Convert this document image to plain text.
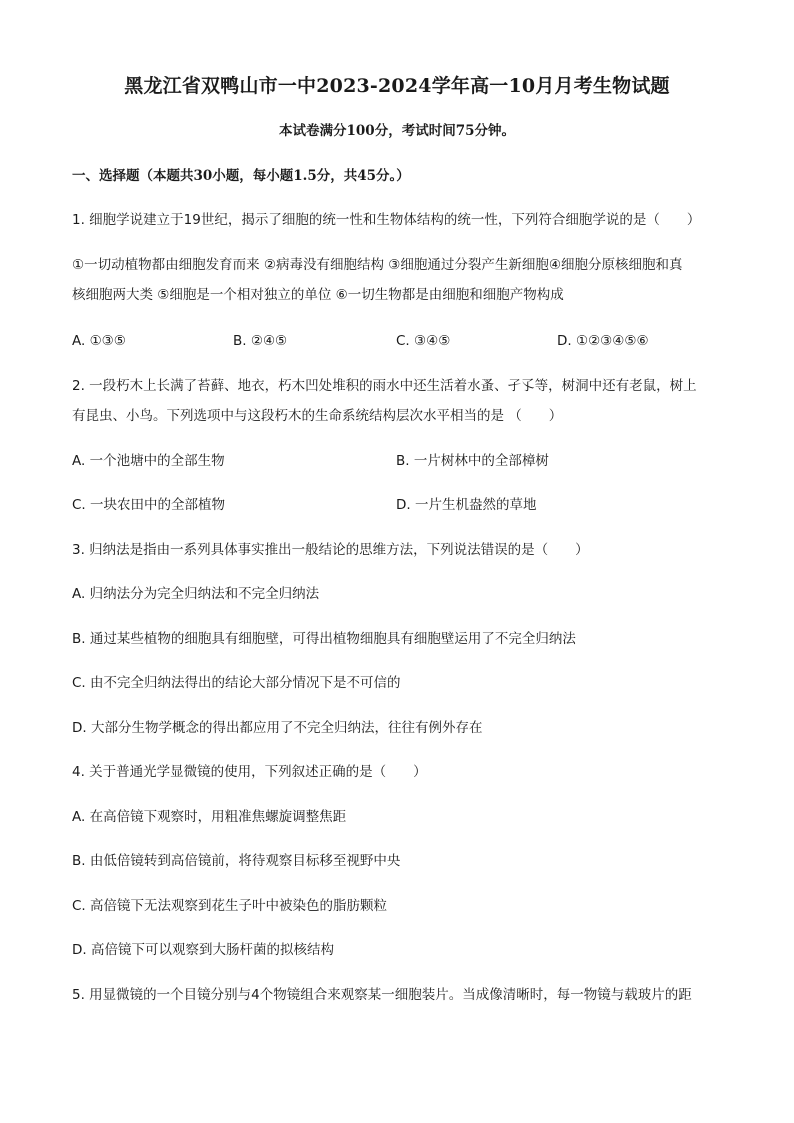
黑龙江省双鸭山市一中2023-2024学年高一10月月考生物试题
本试卷满分100分，考试时间75分钟。
一、选择题（本题共30小题，每小题1.5分，共45分。）
1. 细胞学说建立于19世纪，揭示了细胞的统一性和生物体结构的统一性，下列符合细胞学说的是（　　）
①一切动植物都由细胞发育而来 ②病毒没有细胞结构 ③细胞通过分裂产生新细胞④细胞分原核细胞和真
核细胞两大类 ⑤细胞是一个相对独立的单位 ⑥一切生物都是由细胞和细胞产物构成
A. ①③⑤	B. ②④⑤	C. ③④⑤	D. ①②③④⑤⑥
2. 一段朽木上长满了苔藓、地衣，朽木凹处堆积的雨水中还生活着水蚤、孑孓等，树洞中还有老鼠，树上
有昆虫、小鸟。下列选项中与这段朽木的生命系统结构层次水平相当的是 （　　）
A. 一个池塘中的全部生物	B. 一片树林中的全部樟树
C. 一块农田中的全部植物	D. 一片生机盎然的草地
3. 归纳法是指由一系列具体事实推出一般结论的思维方法，下列说法错误的是（　　）
A. 归纳法分为完全归纳法和不完全归纳法
B. 通过某些植物的细胞具有细胞壁，可得出植物细胞具有细胞壁运用了不完全归纳法
C. 由不完全归纳法得出的结论大部分情况下是不可信的
D. 大部分生物学概念的得出都应用了不完全归纳法，往往有例外存在
4. 关于普通光学显微镜的使用，下列叙述正确的是（　　）
A. 在高倍镜下观察时，用粗准焦螺旋调整焦距
B. 由低倍镜转到高倍镜前，将待观察目标移至视野中央
C. 高倍镜下无法观察到花生子叶中被染色的脂肪颗粒
D. 高倍镜下可以观察到大肠杆菌的拟核结构
5. 用显微镜的一个目镜分别与4个物镜组合来观察某一细胞装片。当成像清晰时，每一物镜与载玻片的距
